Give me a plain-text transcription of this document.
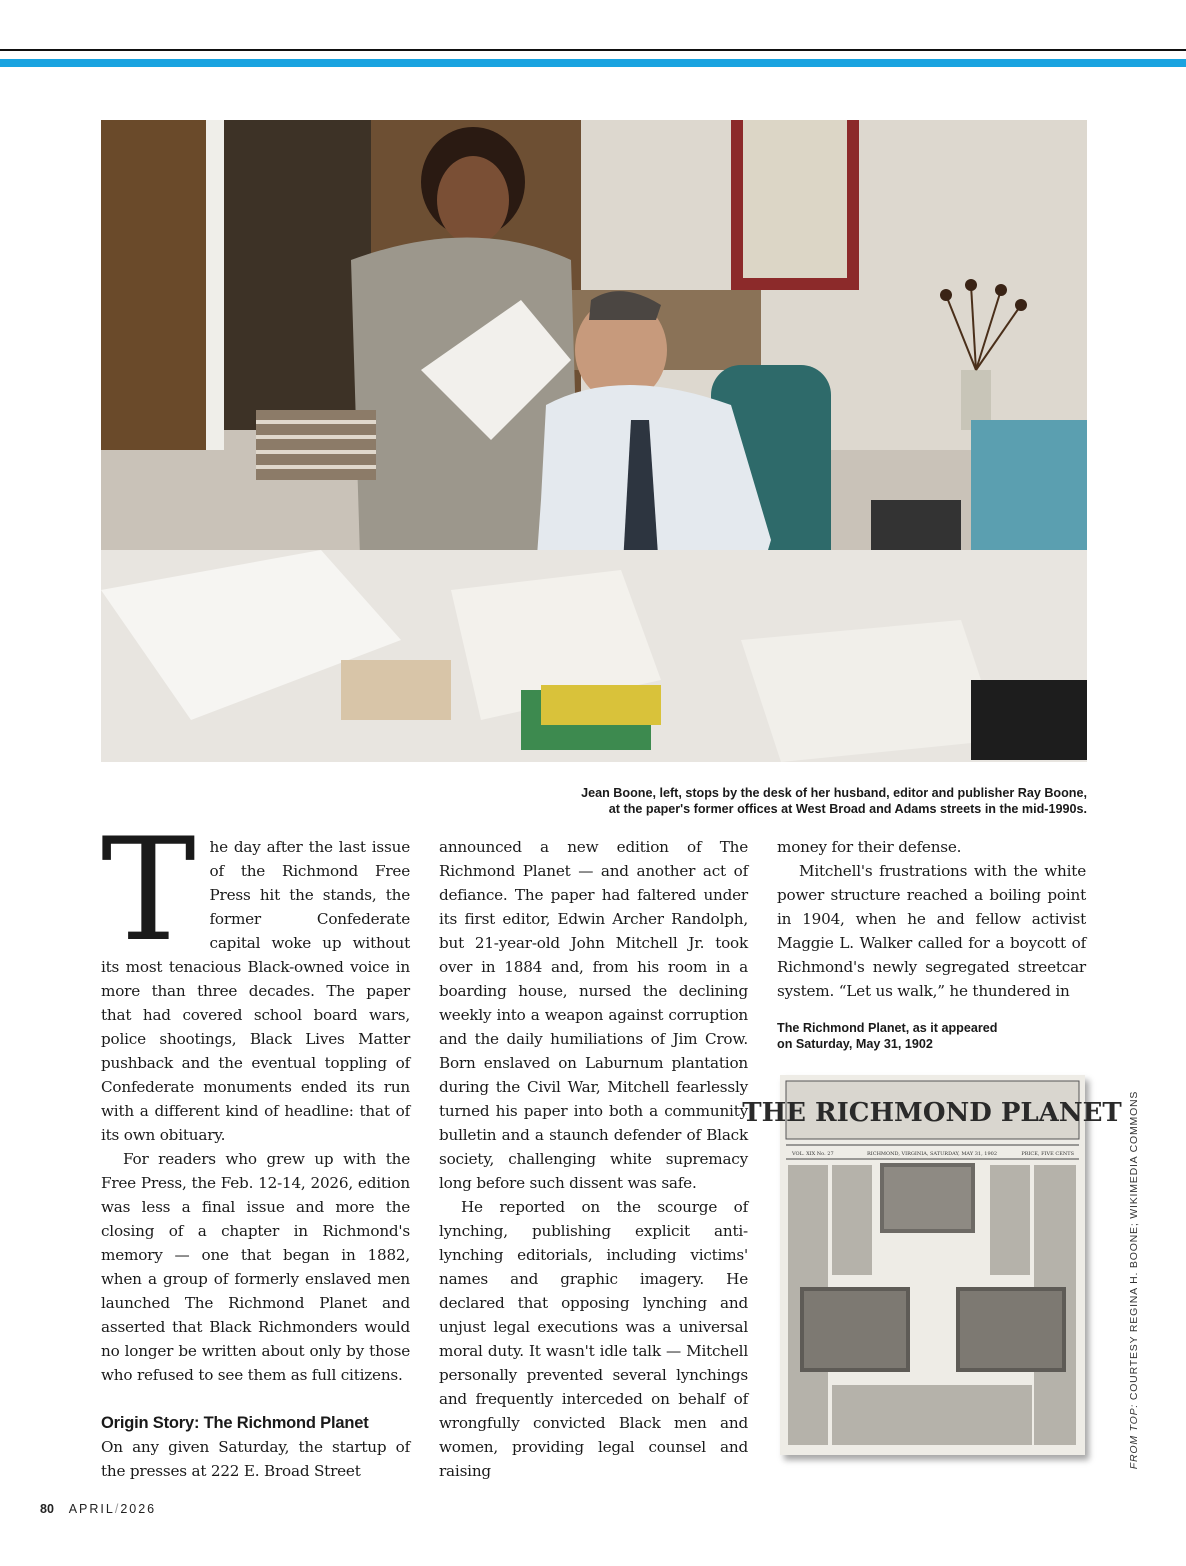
Jean Boone, left, stops by the desk of her husband, editor and publisher Ray Boone,
at the paper's former offices at West Broad and Adams streets in the mid-1990s.

The day after the last issue of the Richmond Free Press hit the stands, the former Confederate capital woke up without its most tenacious Black-owned voice in more than three decades. The paper that had covered school board wars, police shootings, Black Lives Matter pushback and the eventual toppling of Confederate monuments ended its run with a different kind of headline: that of its own obituary.

For readers who grew up with the Free Press, the Feb. 12-14, 2026, edition was less a final issue and more the closing of a chapter in Richmond's memory — one that began in 1882, when a group of formerly enslaved men launched The Richmond Planet and asserted that Black Richmonders would no longer be written about only by those who refused to see them as full citizens.

Origin Story: The Richmond Planet

On any given Saturday, the startup of the presses at 222 E. Broad Street

announced a new edition of The Richmond Planet — and another act of defiance. The paper had faltered under its first editor, Edwin Archer Randolph, but 21-year-old John Mitchell Jr. took over in 1884 and, from his room in a boarding house, nursed the declining weekly into a weapon against corruption and the daily humiliations of Jim Crow. Born enslaved on Laburnum plantation during the Civil War, Mitchell fearlessly turned his paper into both a community bulletin and a staunch defender of Black society, challenging white supremacy long before such dissent was safe.

He reported on the scourge of lynching, publishing explicit anti-lynching editorials, including victims' names and graphic imagery. He declared that opposing lynching and unjust legal executions was a universal moral duty. It wasn't idle talk — Mitchell personally prevented several lynchings and frequently interceded on behalf of wrongfully convicted Black men and women, providing legal counsel and raising

money for their defense.

Mitchell's frustrations with the white power structure reached a boiling point in 1904, when he and fellow activist Maggie L. Walker called for a boycott of Richmond's newly segregated streetcar system. “Let us walk,” he thundered in

The Richmond Planet, as it appeared
on Saturday, May 31, 1902
THE RICHMOND PLANET
VOL. XIX No. 27	RICHMOND, VIRGINIA, SATURDAY, MAY 31, 1902	PRICE, FIVE CENTS
FROM TOP: COURTESY REGINA H. BOONE; WIKIMEDIA COMMONS
80 APRIL/2026
